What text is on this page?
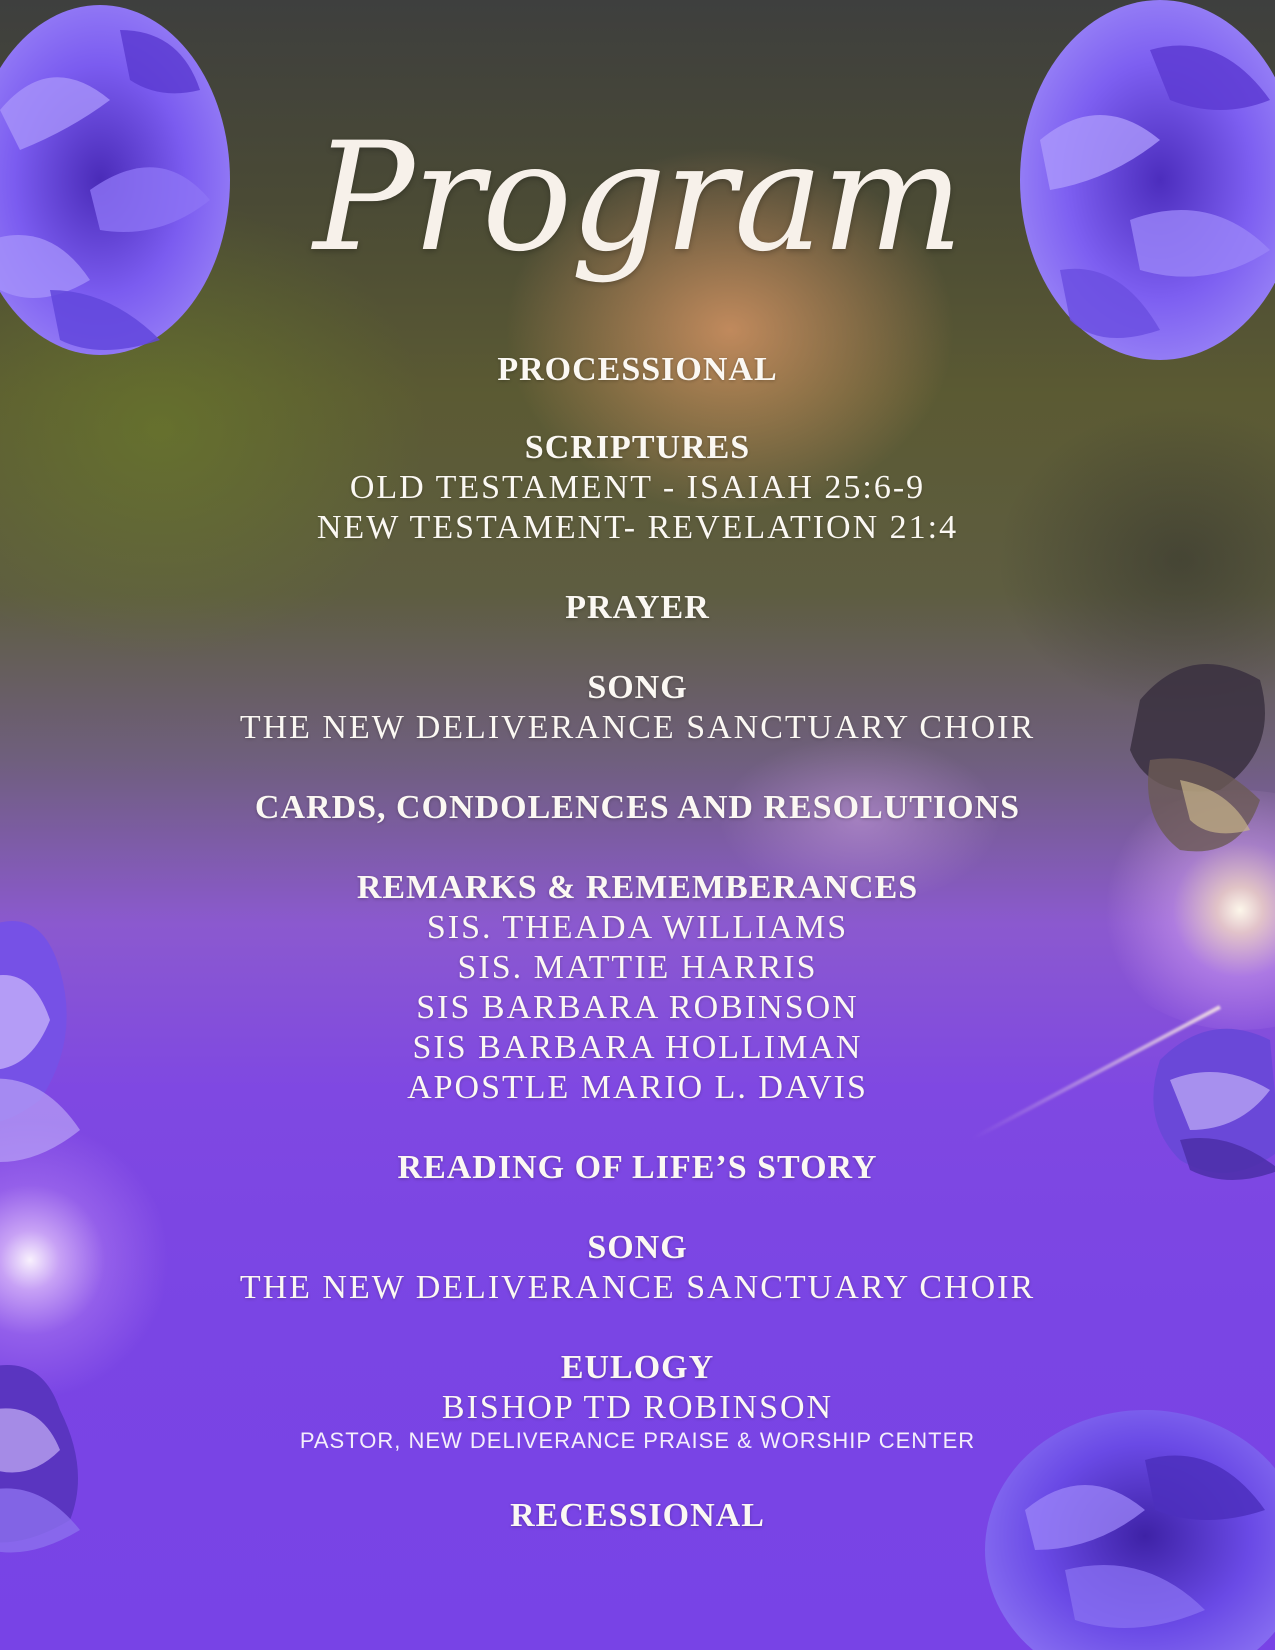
Program

PROCESSIONAL

SCRIPTURES

OLD TESTAMENT - ISAIAH 25:6-9

NEW TESTAMENT- REVELATION 21:4

PRAYER

SONG

THE NEW DELIVERANCE SANCTUARY CHOIR

CARDS, CONDOLENCES AND RESOLUTIONS

REMARKS & REMEMBERANCES

SIS. THEADA WILLIAMS

SIS. MATTIE HARRIS

SIS BARBARA ROBINSON

SIS BARBARA HOLLIMAN

APOSTLE MARIO L. DAVIS

READING OF LIFE’S STORY

SONG

THE NEW DELIVERANCE SANCTUARY CHOIR

EULOGY

BISHOP TD ROBINSON

PASTOR, NEW DELIVERANCE PRAISE & WORSHIP CENTER

RECESSIONAL
